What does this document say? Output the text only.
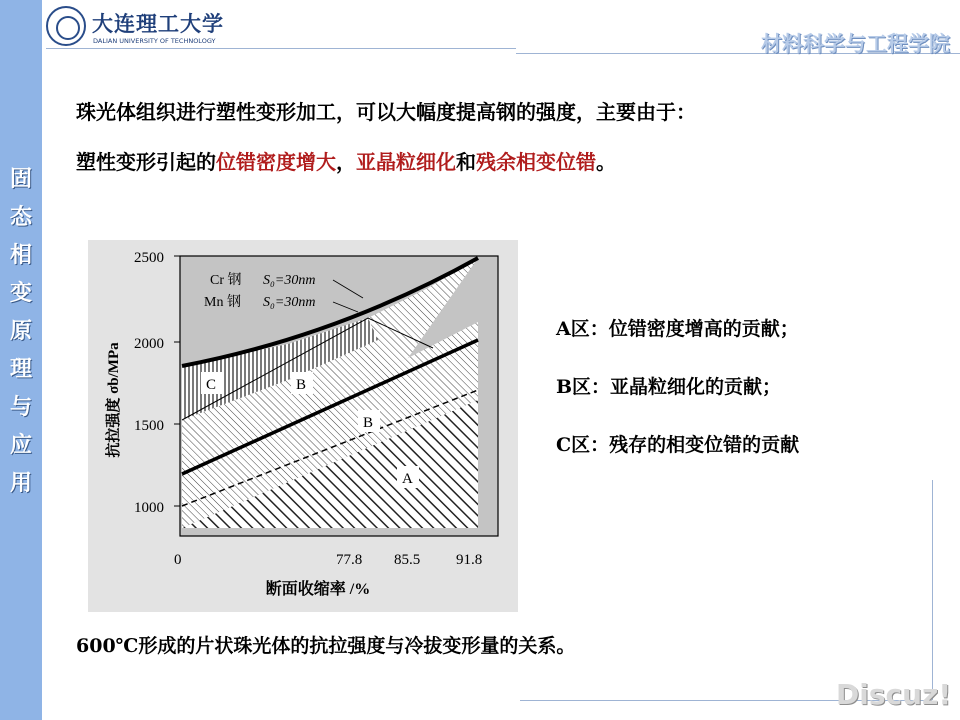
固
态
相
变
原
理
与
应
用
大连理工大学
DALIAN UNIVERSITY OF TECHNOLOGY	材料科学与工程学院
珠光体组织进行塑性变形加工，可以大幅度提高钢的强度，主要由于：
塑性变形引起的位错密度增大，亚晶粒细化和残余相变位错。
Cr 钢 S₀=30nm
Mn 钢 S₀=30nm
C	B
B
A
2500
2000
1500
1000
0	77.8 85.5 91.8
断面收缩率 /%
抗拉强度 σb/MPa
A区：位错密度增高的贡献；
B区：亚晶粒细化的贡献；
C区：残存的相变位错的贡献
600℃形成的片状珠光体的抗拉强度与冷拔变形量的关系。
Discuz!
